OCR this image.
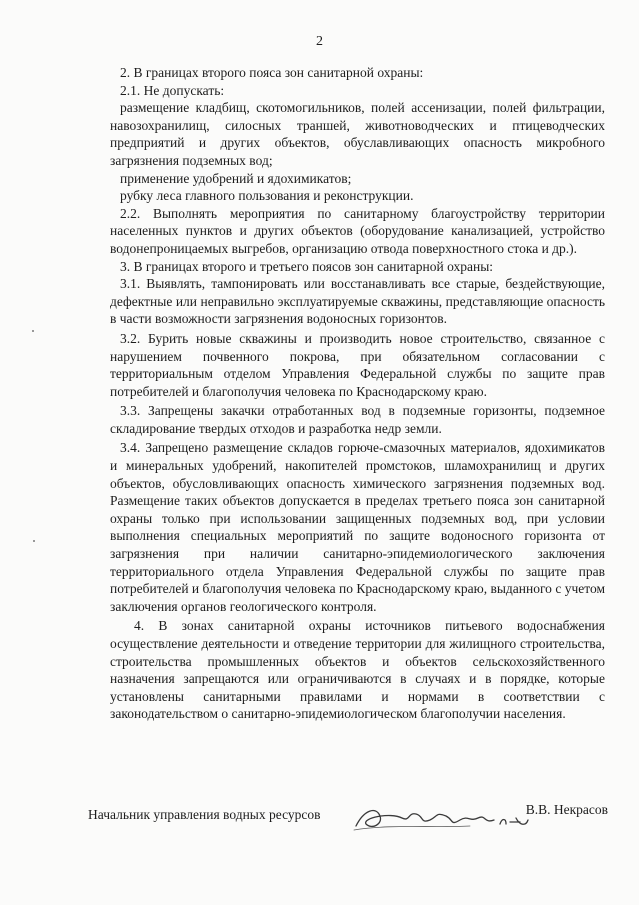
2

2. В границах второго пояса зон санитарной охраны:

2.1. Не допускать:

размещение кладбищ, скотомогильников, полей ассенизации, полей фильтрации, навозохранилищ, силосных траншей, животноводческих и птицеводческих предприятий и других объектов, обуславливающих опасность микробного загрязнения подземных вод;

применение удобрений и ядохимикатов;

рубку леса главного пользования и реконструкции.

2.2. Выполнять мероприятия по санитарному благоустройству территории населенных пунктов и других объектов (оборудование канализацией, устройство водонепроницаемых выгребов, организацию отвода поверхностного стока и др.).

3. В границах второго и третьего поясов зон санитарной охраны:

3.1. Выявлять, тампонировать или восстанавливать все старые, бездействующие, дефектные или неправильно эксплуатируемые скважины, представляющие опасность в части возможности загрязнения водоносных горизонтов.

3.2. Бурить новые скважины и производить новое строительство, связанное с нарушением почвенного покрова, при обязательном согласовании с территориальным отделом Управления Федеральной службы по защите прав потребителей и благополучия человека по Краснодарскому краю.

3.3. Запрещены закачки отработанных вод в подземные горизонты, подземное складирование твердых отходов и разработка недр земли.

3.4. Запрещено размещение складов горюче-смазочных материалов, ядохимикатов и минеральных удобрений, накопителей промстоков, шламохранилищ и других объектов, обусловливающих опасность химического загрязнения подземных вод. Размещение таких объектов допускается в пределах третьего пояса зон санитарной охраны только при использовании защищенных подземных вод, при условии выполнения специальных мероприятий по защите водоносного горизонта от загрязнения при наличии санитарно-эпидемиологического заключения территориального отдела Управления Федеральной службы по защите прав потребителей и благополучия человека по Краснодарскому краю, выданного с учетом заключения органов геологического контроля.

4. В зонах санитарной охраны источников питьевого водоснабжения осуществление деятельности и отведение территории для жилищного строительства, строительства промышленных объектов и объектов сельскохозяйственного назначения запрещаются или ограничиваются в случаях и в порядке, которые установлены санитарными правилами и нормами в соответствии с законодательством о санитарно-эпидемиологическом благополучии населения.

Начальник управления водных ресурсов	В.В. Некрасов
